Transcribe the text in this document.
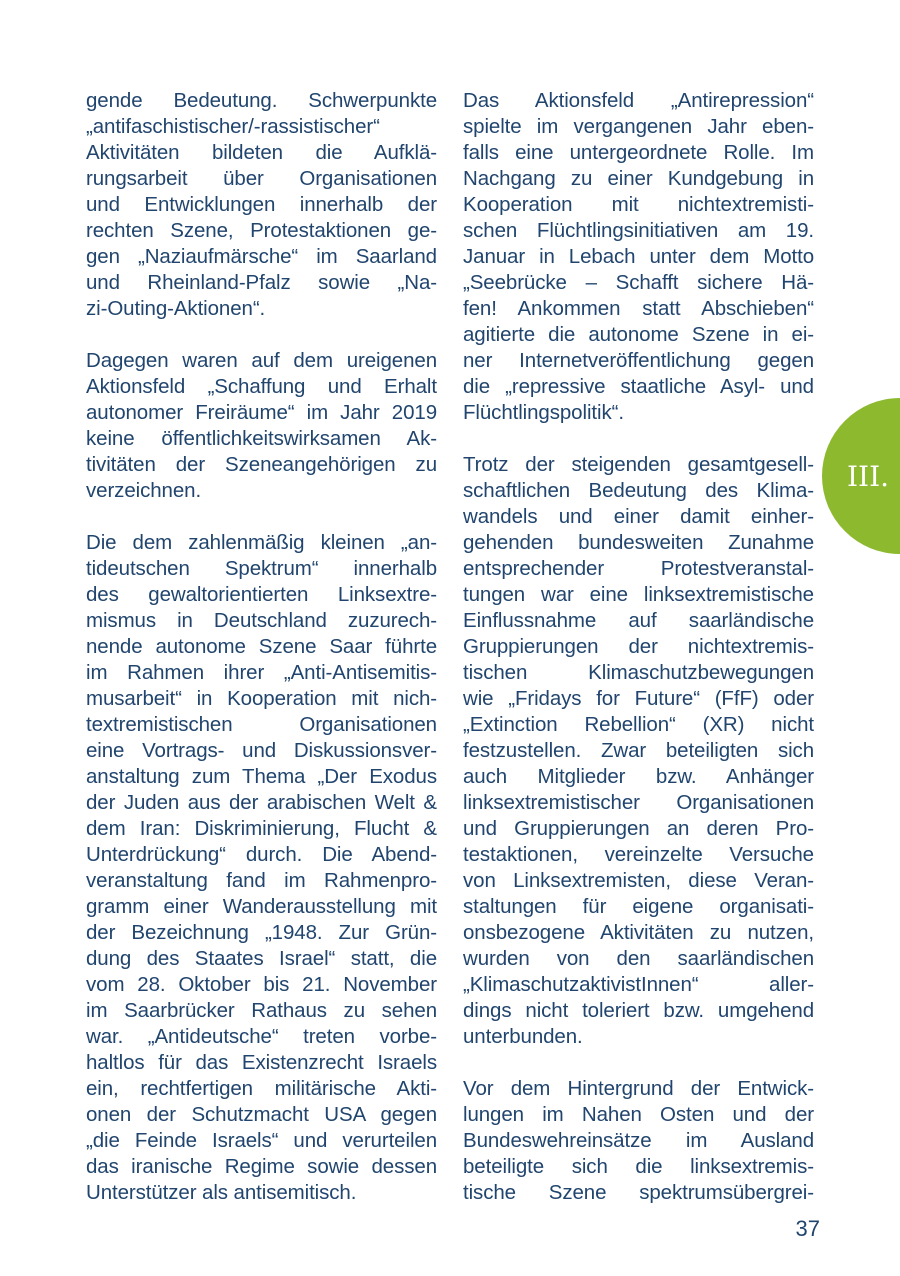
gende Bedeutung. Schwerpunkte
„antifaschistischer/-rassistischer“
Aktivitäten bildeten die Aufklä-
rungsarbeit über Organisationen
und Entwicklungen innerhalb der
rechten Szene, Protestaktionen ge-
gen „Naziaufmärsche“ im Saarland
und Rheinland-Pfalz sowie „Na-
zi-Outing-Aktionen“.

Dagegen waren auf dem ureigenen
Aktionsfeld „Schaffung und Erhalt
autonomer Freiräume“ im Jahr 2019
keine öffentlichkeitswirksamen Ak-
tivitäten der Szeneangehörigen zu
verzeichnen.

Die dem zahlenmäßig kleinen „an-
tideutschen Spektrum“ innerhalb
des gewaltorientierten Linksextre-
mismus in Deutschland zuzurech-
nende autonome Szene Saar führte
im Rahmen ihrer „Anti-Antisemitis-
musarbeit“ in Kooperation mit nich-
textremistischen Organisationen
eine Vortrags- und Diskussionsver-
anstaltung zum Thema „Der Exodus
der Juden aus der arabischen Welt &
dem Iran: Diskriminierung, Flucht &
Unterdrückung“ durch. Die Abend-
veranstaltung fand im Rahmenpro-
gramm einer Wanderausstellung mit
der Bezeichnung „1948. Zur Grün-
dung des Staates Israel“ statt, die
vom 28. Oktober bis 21. November
im Saarbrücker Rathaus zu sehen
war. „Antideutsche“ treten vorbe-
haltlos für das Existenzrecht Israels
ein, rechtfertigen militärische Akti-
onen der Schutzmacht USA gegen
„die Feinde Israels“ und verurteilen
das iranische Regime sowie dessen
Unterstützer als antisemitisch.

Das Aktionsfeld „Antirepression“
spielte im vergangenen Jahr eben-
falls eine untergeordnete Rolle. Im
Nachgang zu einer Kundgebung in
Kooperation mit nichtextremisti-
schen Flüchtlingsinitiativen am 19.
Januar in Lebach unter dem Motto
„Seebrücke – Schafft sichere Hä-
fen! Ankommen statt Abschieben“
agitierte die autonome Szene in ei-
ner Internetveröffentlichung gegen
die „repressive staatliche Asyl- und
Flüchtlingspolitik“.

Trotz der steigenden gesamtgesell-
schaftlichen Bedeutung des Klima-
wandels und einer damit einher-
gehenden bundesweiten Zunahme
entsprechender Protestveranstal-
tungen war eine linksextremistische
Einflussnahme auf saarländische
Gruppierungen der nichtextremis-
tischen Klimaschutzbewegungen
wie „Fridays for Future“ (FfF) oder
„Extinction Rebellion“ (XR) nicht
festzustellen. Zwar beteiligten sich
auch Mitglieder bzw. Anhänger
linksextremistischer Organisationen
und Gruppierungen an deren Pro-
testaktionen, vereinzelte Versuche
von Linksextremisten, diese Veran-
staltungen für eigene organisati-
onsbezogene Aktivitäten zu nutzen,
wurden von den saarländischen
„KlimaschutzaktivistInnen“ aller-
dings nicht toleriert bzw. umgehend
unterbunden.

Vor dem Hintergrund der Entwick-
lungen im Nahen Osten und der
Bundeswehreinsätze im Ausland
beteiligte sich die linksextremis-
tische Szene spektrumsübergrei-

III.
37
